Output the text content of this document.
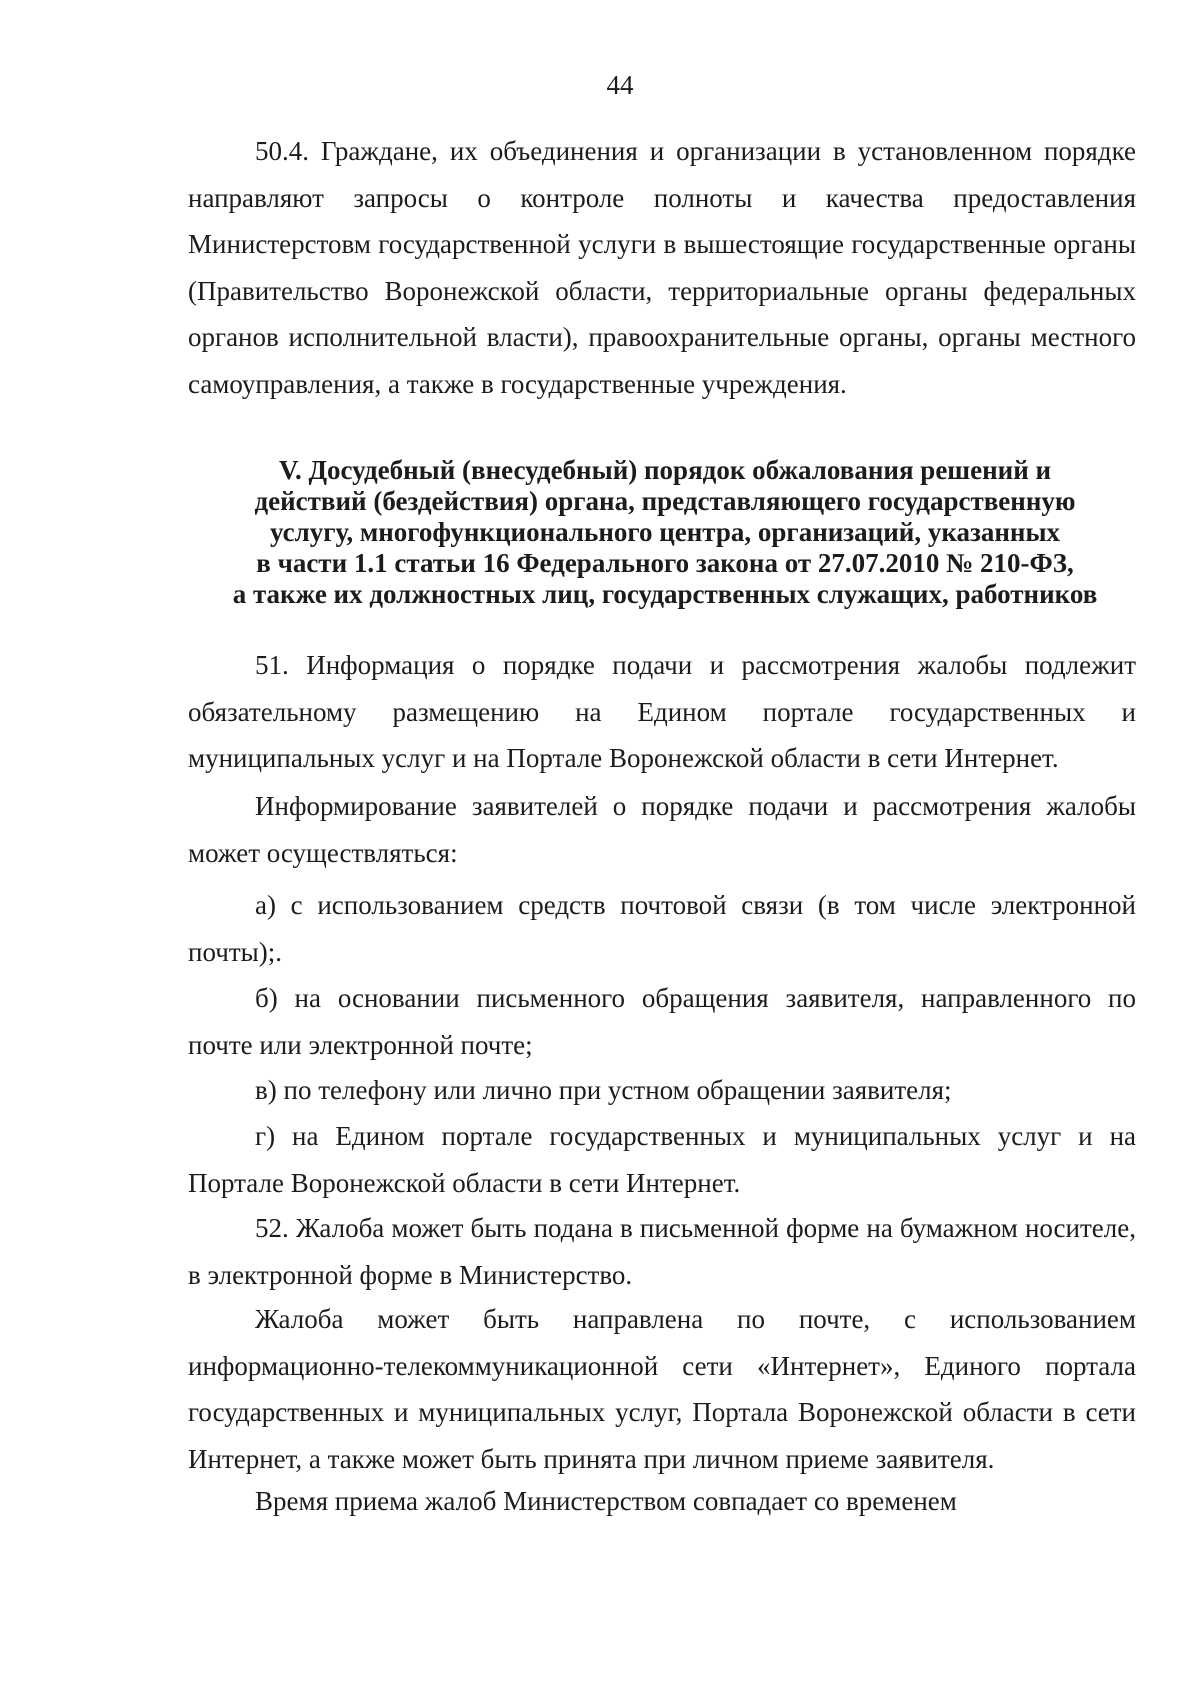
44
50.4. Граждане, их объединения и организации в установленном порядке направляют запросы о контроле полноты и качества предоставления Министерстовм государственной услуги в вышестоящие государственные органы (Правительство Воронежской области, территориальные органы федеральных органов исполнительной власти), правоохранительные органы, органы местного самоуправления, а также в государственные учреждения.
V. Досудебный (внесудебный) порядок обжалования решений и
действий (бездействия) органа, представляющего государственную
услугу, многофункционального центра, организаций, указанных
в части 1.1 статьи 16 Федерального закона от 27.07.2010 № 210-ФЗ,
а также их должностных лиц, государственных служащих, работников
51. Информация о порядке подачи и рассмотрения жалобы подлежит обязательному размещению на Едином портале государственных и муниципальных услуг и на Портале Воронежской области в сети Интернет.
Информирование заявителей о порядке подачи и рассмотрения жалобы может осуществляться:
а) с использованием средств почтовой связи (в том числе электронной почты);.
б) на основании письменного обращения заявителя, направленного по почте или электронной почте;
в) по телефону или лично при устном обращении заявителя;
г) на Едином портале государственных и муниципальных услуг и на Портале Воронежской области в сети Интернет.
52. Жалоба может быть подана в письменной форме на бумажном носителе, в электронной форме в Министерство.
Жалоба может быть направлена по почте, с использованием информационно-телекоммуникационной сети «Интернет», Единого портала государственных и муниципальных услуг, Портала Воронежской области в сети Интернет, а также может быть принята при личном приеме заявителя.
Время приема жалоб Министерством совпадает со временем
